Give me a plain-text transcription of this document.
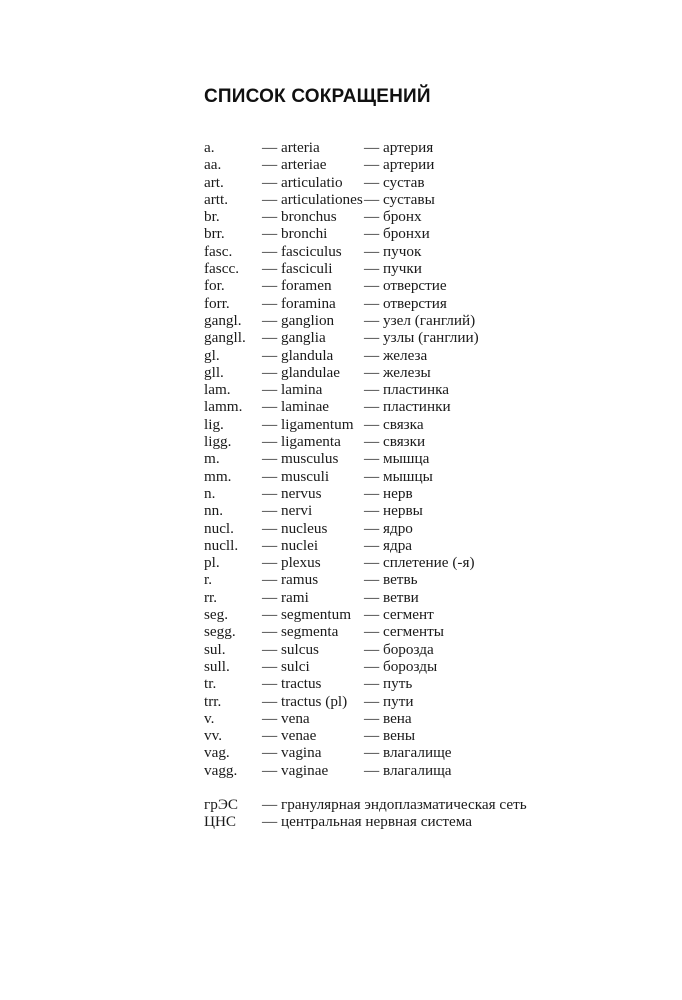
СПИСОК СОКРАЩЕНИЙ
a.	— arteria	— артерия
aa.	— arteriae — артерии
art.	— articulatio — сустав
artt. — articulationes — суставы
br.	— bronchus — бронх
brr. — bronchi — бронхи
fasc. — fasciculus — пучок
fascc. — fasciculi — пучки
for. — foramen — отверстие
forr. — foramina — отверстия
gangl. — ganglion — узел (ганглий)
gangll. — ganglia	— узлы (ганглии)
gl.	— glandula — железа
gll.	— glandulae — железы
lam. — lamina	— пластинка
lamm. — laminae — пластинки
lig.	— ligamentum — связка
ligg. — ligamenta — связки
m.	— musculus — мышца
mm. — musculi — мышцы
n.	— nervus	— нерв
nn.	— nervi	— нервы
nucl. — nucleus — ядро
nucll. — nuclei	— ядра
pl.	— plexus	— сплетение (-я)
r.	— ramus	— ветвь
rr.	— rami	— ветви
seg. — segmentum — сегмент
segg. — segmenta — сегменты
sul. — sulcus	— борозда
sull. — sulci	— борозды
tr.	— tractus	— путь
trr.	— tractus (pl) — пути
v.	— vena	— вена
vv.	— venae	— вены
vag. — vagina	— влагалище
vagg. — vaginae — влагалища
грЭС — гранулярная эндоплазматическая сеть
ЦНС — центральная нервная система
